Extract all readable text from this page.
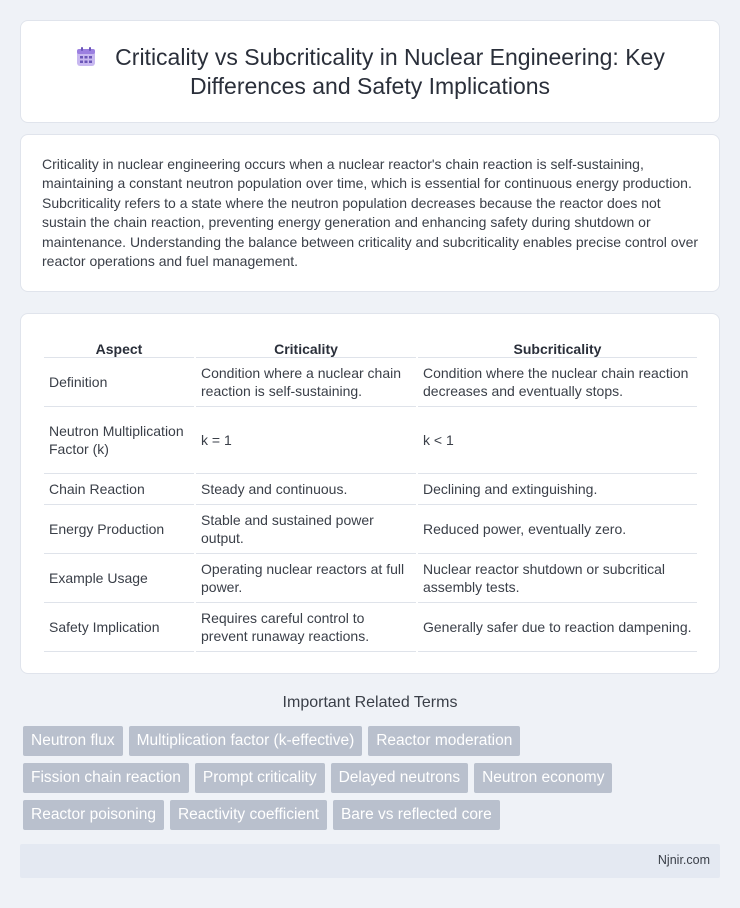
Criticality vs Subcriticality in Nuclear Engineering: Key Differences and Safety Implications

Criticality in nuclear engineering occurs when a nuclear reactor's chain reaction is self-sustaining, maintaining a constant neutron population over time, which is essential for continuous energy production. Subcriticality refers to a state where the neutron population decreases because the reactor does not sustain the chain reaction, preventing energy generation and enhancing safety during shutdown or maintenance. Understanding the balance between criticality and subcriticality enables precise control over reactor operations and fuel management.

Aspect	Criticality	Subcriticality
Definition	Condition where a nuclear chain reaction is self-sustaining.	Condition where the nuclear chain reaction decreases and eventually stops.
Neutron Multiplication Factor (k)	k = 1	k < 1
Chain Reaction	Steady and continuous.	Declining and extinguishing.
Energy Production	Stable and sustained power output.	Reduced power, eventually zero.
Example Usage	Operating nuclear reactors at full power.	Nuclear reactor shutdown or subcritical assembly tests.
Safety Implication	Requires careful control to prevent runaway reactions.	Generally safer due to reaction dampening.
Important Related Terms
Neutron flux	Multiplication factor (k-effective)	Reactor moderation
Fission chain reaction	Prompt criticality	Delayed neutrons	Neutron economy
Reactor poisoning	Reactivity coefficient	Bare vs reflected core
Njnir.com
